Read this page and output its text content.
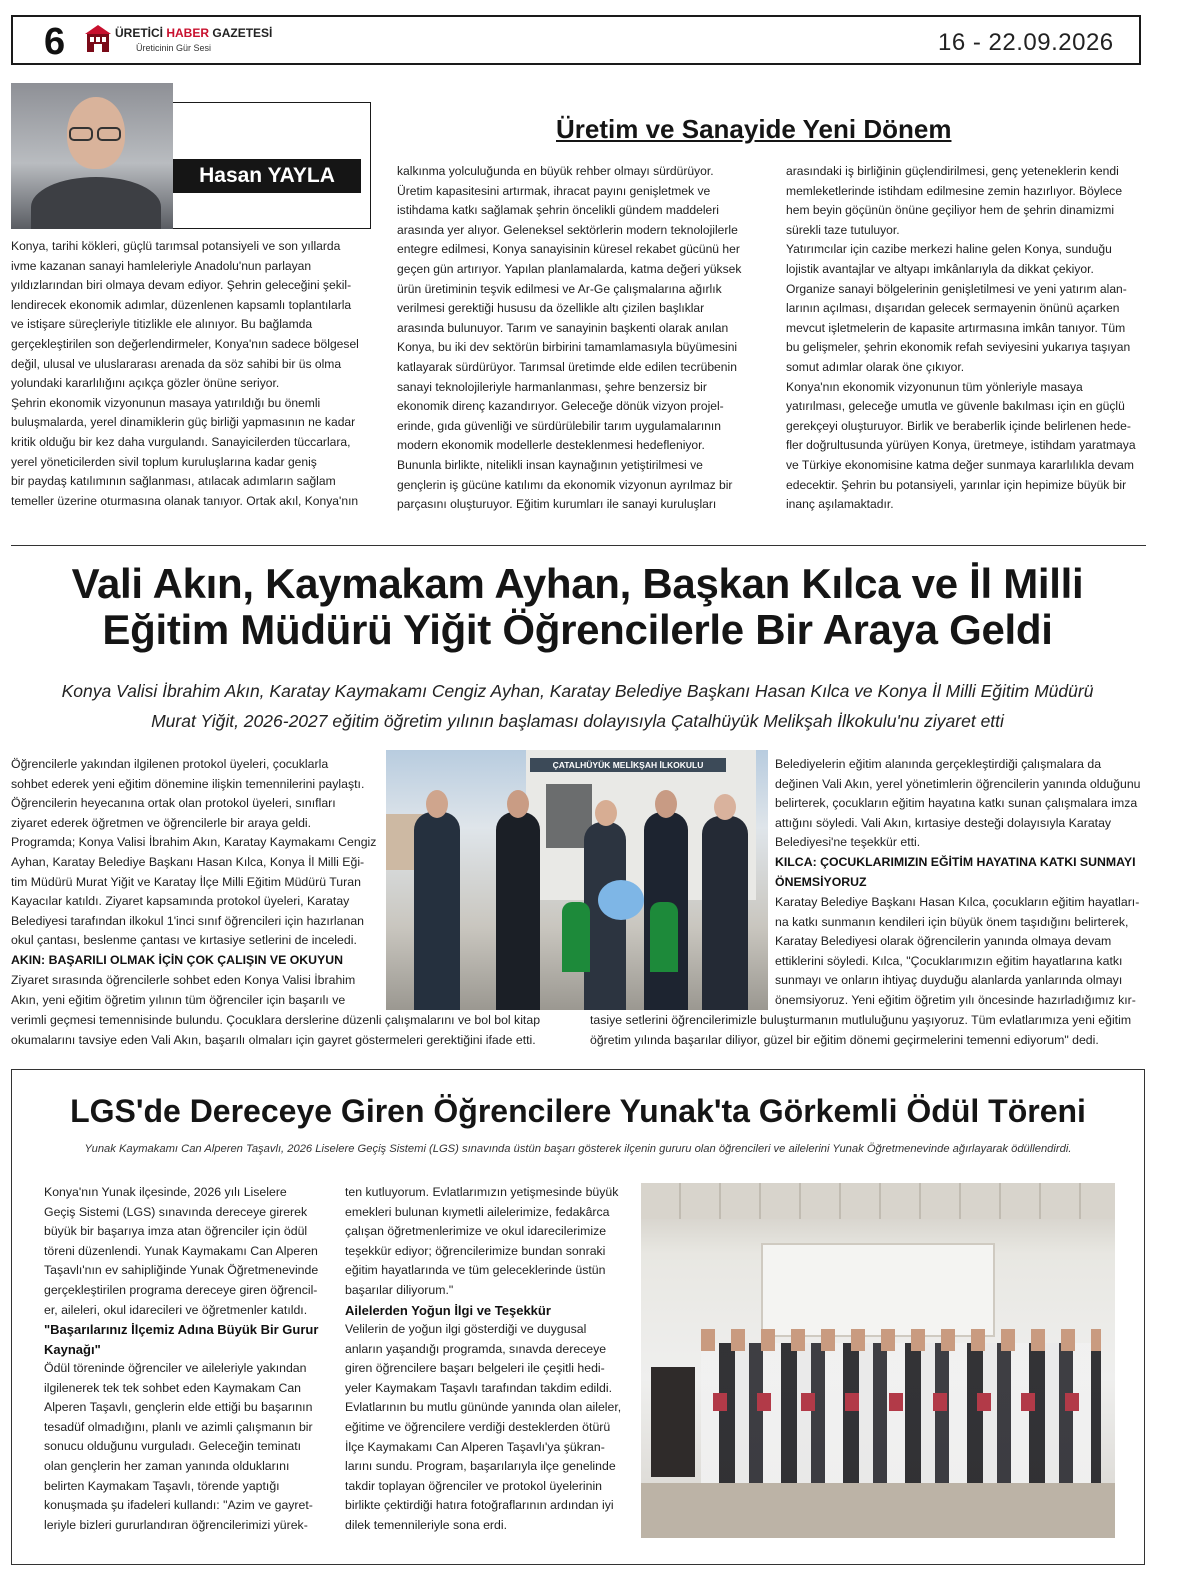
6	ÜRETİCİ HABER GAZETESİ
Üreticinin Gür Sesi	16 - 22.09.2026
Hasan YAYLA
Üretim ve Sanayide Yeni Dönem
Konya, tarihi kökleri, güçlü tarımsal potansiyeli ve son yıllarda
ivme kazanan sanayi hamleleriyle Anadolu'nun parlayan
yıldızlarından biri olmaya devam ediyor. Şehrin geleceğini şekil-
lendirecek ekonomik adımlar, düzenlenen kapsamlı toplantılarla
ve istişare süreçleriyle titizlikle ele alınıyor. Bu bağlamda
gerçekleştirilen son değerlendirmeler, Konya'nın sadece bölgesel
değil, ulusal ve uluslararası arenada da söz sahibi bir üs olma
yolundaki kararlılığını açıkça gözler önüne seriyor.
Şehrin ekonomik vizyonunun masaya yatırıldığı bu önemli
buluşmalarda, yerel dinamiklerin güç birliği yapmasının ne kadar
kritik olduğu bir kez daha vurgulandı. Sanayicilerden tüccarlara,
yerel yöneticilerden sivil toplum kuruluşlarına kadar geniş
bir paydaş katılımının sağlanması, atılacak adımların sağlam
temeller üzerine oturmasına olanak tanıyor. Ortak akıl, Konya'nın
kalkınma yolculuğunda en büyük rehber olmayı sürdürüyor.
Üretim kapasitesini artırmak, ihracat payını genişletmek ve
istihdama katkı sağlamak şehrin öncelikli gündem maddeleri
arasında yer alıyor. Geleneksel sektörlerin modern teknolojilerle
entegre edilmesi, Konya sanayisinin küresel rekabet gücünü her
geçen gün artırıyor. Yapılan planlamalarda, katma değeri yüksek
ürün üretiminin teşvik edilmesi ve Ar-Ge çalışmalarına ağırlık
verilmesi gerektiği hususu da özellikle altı çizilen başlıklar
arasında bulunuyor. Tarım ve sanayinin başkenti olarak anılan
Konya, bu iki dev sektörün birbirini tamamlamasıyla büyümesini
katlayarak sürdürüyor. Tarımsal üretimde elde edilen tecrübenin
sanayi teknolojileriyle harmanlanması, şehre benzersiz bir
ekonomik direnç kazandırıyor. Geleceğe dönük vizyon projel-
erinde, gıda güvenliği ve sürdürülebilir tarım uygulamalarının
modern ekonomik modellerle desteklenmesi hedefleniyor.
Bununla birlikte, nitelikli insan kaynağının yetiştirilmesi ve
gençlerin iş gücüne katılımı da ekonomik vizyonun ayrılmaz bir
parçasını oluşturuyor. Eğitim kurumları ile sanayi kuruluşları
arasındaki iş birliğinin güçlendirilmesi, genç yeteneklerin kendi
memleketlerinde istihdam edilmesine zemin hazırlıyor. Böylece
hem beyin göçünün önüne geçiliyor hem de şehrin dinamizmi
sürekli taze tutuluyor.
Yatırımcılar için cazibe merkezi haline gelen Konya, sunduğu
lojistik avantajlar ve altyapı imkânlarıyla da dikkat çekiyor.
Organize sanayi bölgelerinin genişletilmesi ve yeni yatırım alan-
larının açılması, dışarıdan gelecek sermayenin önünü açarken
mevcut işletmelerin de kapasite artırmasına imkân tanıyor. Tüm
bu gelişmeler, şehrin ekonomik refah seviyesini yukarıya taşıyan
somut adımlar olarak öne çıkıyor.
Konya'nın ekonomik vizyonunun tüm yönleriyle masaya
yatırılması, geleceğe umutla ve güvenle bakılması için en güçlü
gerekçeyi oluşturuyor. Birlik ve beraberlik içinde belirlenen hede-
fler doğrultusunda yürüyen Konya, üretmeye, istihdam yaratmaya
ve Türkiye ekonomisine katma değer sunmaya kararlılıkla devam
edecektir. Şehrin bu potansiyeli, yarınlar için hepimize büyük bir
inanç aşılamaktadır.
Vali Akın, Kaymakam Ayhan, Başkan Kılca ve İl Milli
Eğitim Müdürü Yiğit Öğrencilerle Bir Araya Geldi
Konya Valisi İbrahim Akın, Karatay Kaymakamı Cengiz Ayhan, Karatay Belediye Başkanı Hasan Kılca ve Konya İl Milli Eğitim Müdürü
Murat Yiğit, 2026-2027 eğitim öğretim yılının başlaması dolayısıyla Çatalhüyük Melikşah İlkokulu'nu ziyaret etti
Öğrencilerle yakından ilgilenen protokol üyeleri, çocuklarla
sohbet ederek yeni eğitim dönemine ilişkin temennilerini paylaştı.
Öğrencilerin heyecanına ortak olan protokol üyeleri, sınıfları
ziyaret ederek öğretmen ve öğrencilerle bir araya geldi.
Programda; Konya Valisi İbrahim Akın, Karatay Kaymakamı Cengiz
Ayhan, Karatay Belediye Başkanı Hasan Kılca, Konya İl Milli Eği-
tim Müdürü Murat Yiğit ve Karatay İlçe Milli Eğitim Müdürü Turan
Kayacılar katıldı. Ziyaret kapsamında protokol üyeleri, Karatay
Belediyesi tarafından ilkokul 1'inci sınıf öğrencileri için hazırlanan
okul çantası, beslenme çantası ve kırtasiye setlerini de inceledi.
AKIN: BAŞARILI OLMAK İÇİN ÇOK ÇALIŞIN VE OKUYUN
Ziyaret sırasında öğrencilerle sohbet eden Konya Valisi İbrahim
Akın, yeni eğitim öğretim yılının tüm öğrenciler için başarılı ve
verimli geçmesi temennisinde bulundu. Çocuklara derslerine düzenli çalışmalarını ve bol bol kitap
okumalarını tavsiye eden Vali Akın, başarılı olmaları için gayret göstermeleri gerektiğini ifade etti.
ÇATALHÜYÜK MELİKŞAH İLKOKULU	Belediyelerin eğitim alanında gerçekleştirdiği çalışmalara da
değinen Vali Akın, yerel yönetimlerin öğrencilerin yanında olduğunu
belirterek, çocukların eğitim hayatına katkı sunan çalışmalara imza
attığını söyledi. Vali Akın, kırtasiye desteği dolayısıyla Karatay
Belediyesi'ne teşekkür etti.
KILCA: ÇOCUKLARIMIZIN EĞİTİM HAYATINA KATKI SUNMAYI
ÖNEMSİYORUZ
Karatay Belediye Başkanı Hasan Kılca, çocukların eğitim hayatları-
na katkı sunmanın kendileri için büyük önem taşıdığını belirterek,
Karatay Belediyesi olarak öğrencilerin yanında olmaya devam
ettiklerini söyledi. Kılca, "Çocuklarımızın eğitim hayatlarına katkı
sunmayı ve onların ihtiyaç duyduğu alanlarda yanlarında olmayı
önemsiyoruz. Yeni eğitim öğretim yılı öncesinde hazırladığımız kır-
tasiye setlerini öğrencilerimizle buluşturmanın mutluluğunu yaşıyoruz. Tüm evlatlarımıza yeni eğitim
öğretim yılında başarılar diliyor, güzel bir eğitim dönemi geçirmelerini temenni ediyorum" dedi.
LGS'de Dereceye Giren Öğrencilere Yunak'ta Görkemli Ödül Töreni
Yunak Kaymakamı Can Alperen Taşavlı, 2026 Liselere Geçiş Sistemi (LGS) sınavında üstün başarı gösterek ilçenin gururu olan öğrencileri ve ailelerini Yunak Öğretmenevinde ağırlayarak ödüllendirdi.
Konya'nın Yunak ilçesinde, 2026 yılı Liselere
Geçiş Sistemi (LGS) sınavında dereceye girerek
büyük bir başarıya imza atan öğrenciler için ödül
töreni düzenlendi. Yunak Kaymakamı Can Alperen
Taşavlı'nın ev sahipliğinde Yunak Öğretmenevinde
gerçekleştirilen programa dereceye giren öğrencil-
er, aileleri, okul idarecileri ve öğretmenler katıldı.
"Başarılarınız İlçemiz Adına Büyük Bir Gurur
Kaynağı"
Ödül töreninde öğrenciler ve aileleriyle yakından
ilgilenerek tek tek sohbet eden Kaymakam Can
Alperen Taşavlı, gençlerin elde ettiği bu başarının
tesadüf olmadığını, planlı ve azimli çalışmanın bir
sonucu olduğunu vurguladı. Geleceğin teminatı
olan gençlerin her zaman yanında olduklarını
belirten Kaymakam Taşavlı, törende yaptığı
konuşmada şu ifadeleri kullandı: "Azim ve gayret-
leriyle bizleri gururlandıran öğrencilerimizi yürek-
ten kutluyorum. Evlatlarımızın yetişmesinde büyük
emekleri bulunan kıymetli ailelerimize, fedakârca
çalışan öğretmenlerimize ve okul idarecilerimize
teşekkür ediyor; öğrencilerimize bundan sonraki
eğitim hayatlarında ve tüm geleceklerinde üstün
başarılar diliyorum."
Ailelerden Yoğun İlgi ve Teşekkür
Velilerin de yoğun ilgi gösterdiği ve duygusal
anların yaşandığı programda, sınavda dereceye
giren öğrencilere başarı belgeleri ile çeşitli hedi-
yeler Kaymakam Taşavlı tarafından takdim edildi.
Evlatlarının bu mutlu gününde yanında olan aileler,
eğitime ve öğrencilere verdiği desteklerden ötürü
İlçe Kaymakamı Can Alperen Taşavlı'ya şükran-
larını sundu. Program, başarılarıyla ilçe genelinde
takdir toplayan öğrenciler ve protokol üyelerinin
birlikte çektirdiği hatıra fotoğraflarının ardından iyi
dilek temennileriyle sona erdi.
